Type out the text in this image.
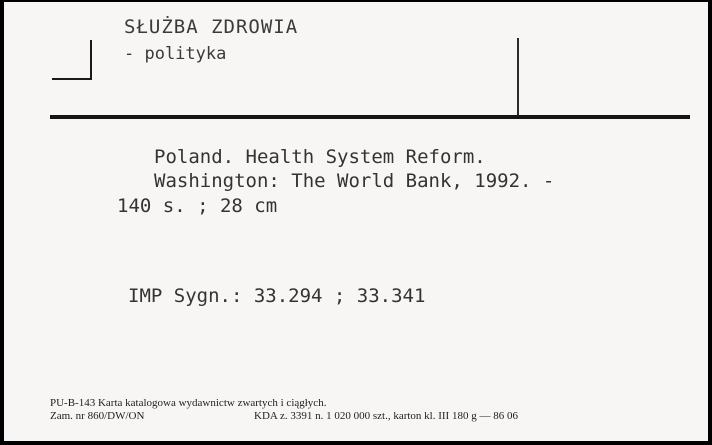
SŁUŻBA ZDROWIA
- polityka
Poland. Health System Reform.
Washington: The World Bank, 1992. -
140 s. ; 28 cm
IMP Sygn.: 33.294 ; 33.341
PU-B-143 Karta katalogowa wydawnictw zwartych i ciągłych.
Zam. nr 860/DW/ON	KDA z. 3391 n. 1 020 000 szt., karton kl. III 180 g — 86 06
